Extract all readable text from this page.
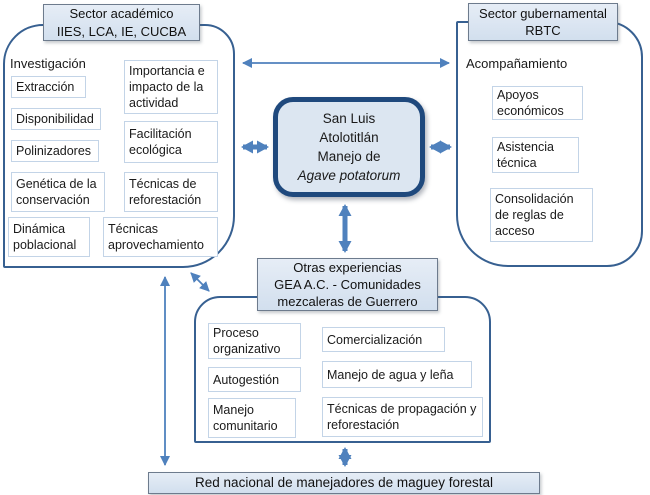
Sector académico
IIES, LCA, IE, CUCBA
Sector gubernamental
RBTC
Otras experiencias
GEA A.C. - Comunidades
mezcaleras de Guerrero
Red nacional de manejadores de maguey forestal
San Luis
Atolotitlán
Manejo de
Agave potatorum
Investigación
Extracción
Disponibilidad
Polinizadores
Genética de la conservación
Dinámica poblacional
Importancia e impacto de la actividad
Facilitación ecológica
Técnicas de reforestación
Técnicas aprovechamiento
Acompañamiento
Apoyos económicos
Asistencia técnica
Consolidación de reglas de acceso
Proceso organizativo
Autogestión
Manejo comunitario
Comercialización
Manejo de agua y leña
Técnicas de propagación y reforestación
